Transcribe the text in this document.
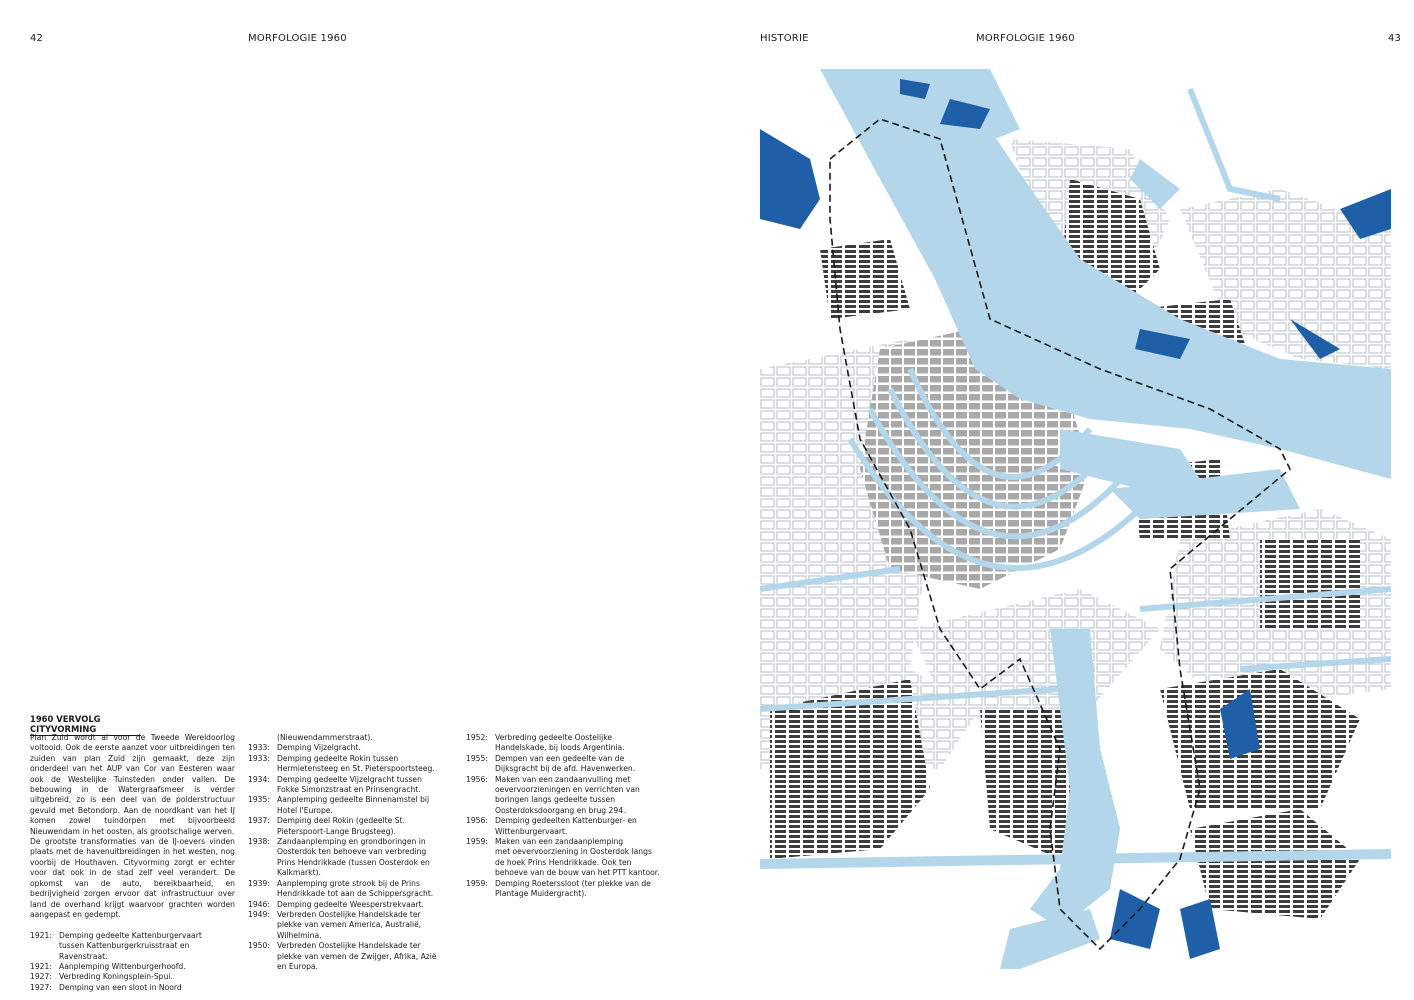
42	MORFOLOGIE 1960	HISTORIE	MORFOLOGIE 1960	43
1960 VERVOLG CITYVORMING

Plan Zuid wordt al voor de Tweede Wereldoorlog voltooid. Ook de eerste aanzet voor uitbreidingen ten zuiden van plan Zuid zijn gemaakt, deze zijn onderdeel van het AUP van Cor van Eesteren waar ook de Westelijke Tuinsteden onder vallen. De bebouwing in de Watergraafsmeer is verder uitgebreid, zo is een deel van de polderstructuur gevuld met Betondorp. Aan de noordkant van het IJ komen zowel tuindorpen met bijvoorbeeld Nieuwendam in het oosten, als grootschalige werven.
De grootste transformaties van de IJ-oevers vinden plaats met de havenuitbreidingen in het westen, nog voorbij de Houthaven. Cityvorming zorgt er echter voor dat ook in de stad zelf veel verandert. De opkomst van de auto, bereikbaarheid, en bedrijvigheid zorgen ervoor dat infrastructuur over land de overhand krijgt waarvoor grachten worden aangepast en gedempt.

1921: Demping gedeelte Kattenburgervaart
tussen Kattenburgerkruisstraat en
Ravenstraat.
1921: Aanplemping Wittenburgerhoofd.
1927: Verbreding Koningsplein-Spui.
1927: Demping van een sloot in Noord
(Nieuwendammerstraat).
1933: Demping Vijzelgracht.
1933: Demping gedeelte Rokin tussen
Hermietensteeg en St. Pieterspoortsteeg.
1934: Demping gedeelte Vijzelgracht tussen
Fokke Simonzstraat en Prinsengracht.
1935: Aanplemping gedeelte Binnenamstel bij
Hotel l'Europe.
1937: Demping deel Rokin (gedeelte St.
Pieterspoort-Lange Brugsteeg).
1938: Zandaanplemping en grondboringen in
Oosterdok ten behoeve van verbreding
Prins Hendrikkade (tussen Oosterdok en
Kalkmarkt).
1939: Aanplemping grote strook bij de Prins
Hendrikkade tot aan de Schippersgracht.
1946: Demping gedeelte Weesperstrekvaart.
1949: Verbreden Oostelijke Handelskade ter
plekke van vemen America, Australië,
Wilhelmina.
1950: Verbreden Oostelijke Handelskade ter
plekke van vemen de Zwijger, Afrika, Azië
en Europa.
1952: Verbreding gedeelte Oostelijke
Handelskade, bij loods Argentinia.
1955: Dempen van een gedeelte van de
Dijksgracht bij de afd. Havenwerken.
1956: Maken van een zandaanvulling met
oevervoorzieningen en verrichten van
boringen langs gedeelte tussen
Oosterdoksdoorgang en brug 294.
1956: Demping gedeelten Kattenburger- en
Wittenburgervaart.
1959: Maken van een zandaanplemping
met oevervoorziening in Oosterdok langs
de hoek Prins Hendrikkade. Ook ten
behoeve van de bouw van het PTT kantoor.
1959: Demping Roeterssloot (ter plekke van de
Plantage Muidergracht).
